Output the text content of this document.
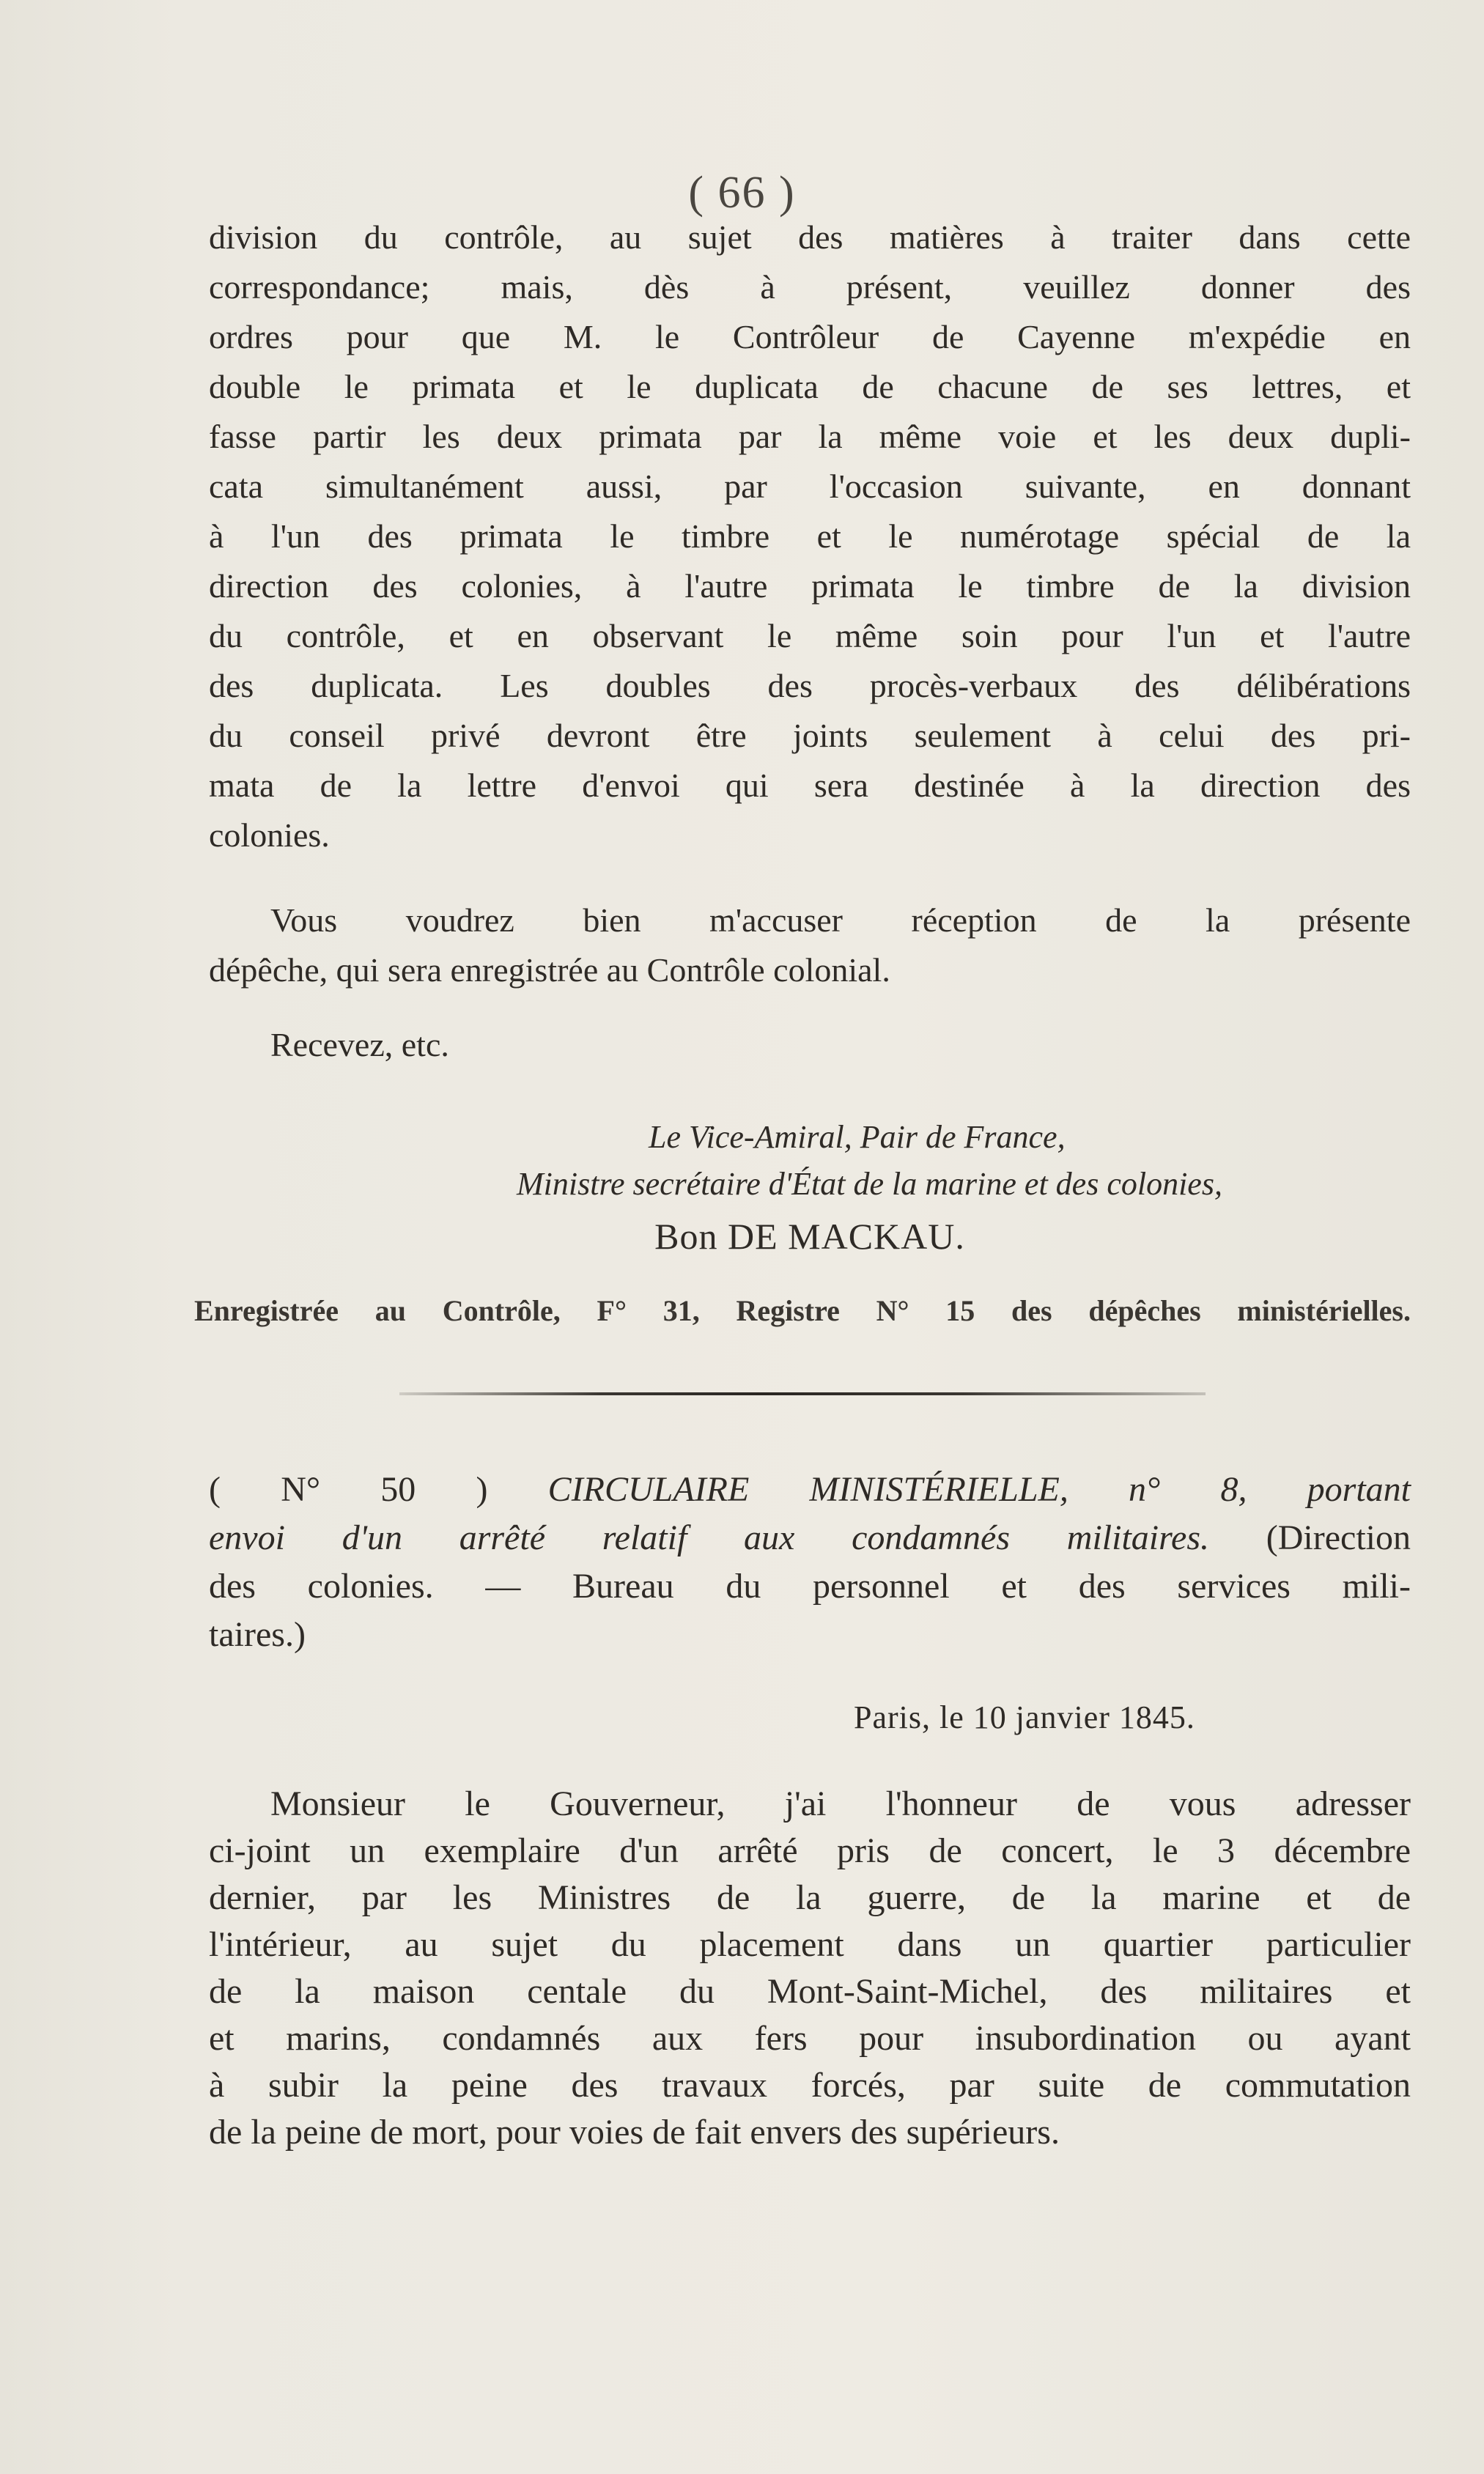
( 66 )
division du contrôle, au sujet des matières à traiter dans cette
correspondance; mais, dès à présent, veuillez donner des
ordres pour que M. le Contrôleur de Cayenne m'expédie en
double le primata et le duplicata de chacune de ses lettres, et
fasse partir les deux primata par la même voie et les deux dupli-
cata simultanément aussi, par l'occasion suivante, en donnant
à l'un des primata le timbre et le numérotage spécial de la
direction des colonies, à l'autre primata le timbre de la division
du contrôle, et en observant le même soin pour l'un et l'autre
des duplicata. Les doubles des procès-verbaux des délibérations
du conseil privé devront être joints seulement à celui des pri-
mata de la lettre d'envoi qui sera destinée à la direction des
colonies.
Vous voudrez bien m'accuser réception de la présente
dépêche, qui sera enregistrée au Contrôle colonial.
Recevez, etc.
Le Vice-Amiral, Pair de France,
Ministre secrétaire d'État de la marine et des colonies,
Bon DE MACKAU.
Enregistrée au Contrôle, F° 31, Registre N° 15 des dépêches ministérielles.
( N° 50 ) CIRCULAIRE MINISTÉRIELLE, n° 8, portant
envoi d'un arrêté relatif aux condamnés militaires. (Direction
des colonies. — Bureau du personnel et des services mili-
taires.)
Paris, le 10 janvier 1845.
Monsieur le Gouverneur, j'ai l'honneur de vous adresser
ci-joint un exemplaire d'un arrêté pris de concert, le 3 décembre
dernier, par les Ministres de la guerre, de la marine et de
l'intérieur, au sujet du placement dans un quartier particulier
de la maison centale du Mont-Saint-Michel, des militaires et
et marins, condamnés aux fers pour insubordination ou ayant
à subir la peine des travaux forcés, par suite de commutation
de la peine de mort, pour voies de fait envers des supérieurs.
